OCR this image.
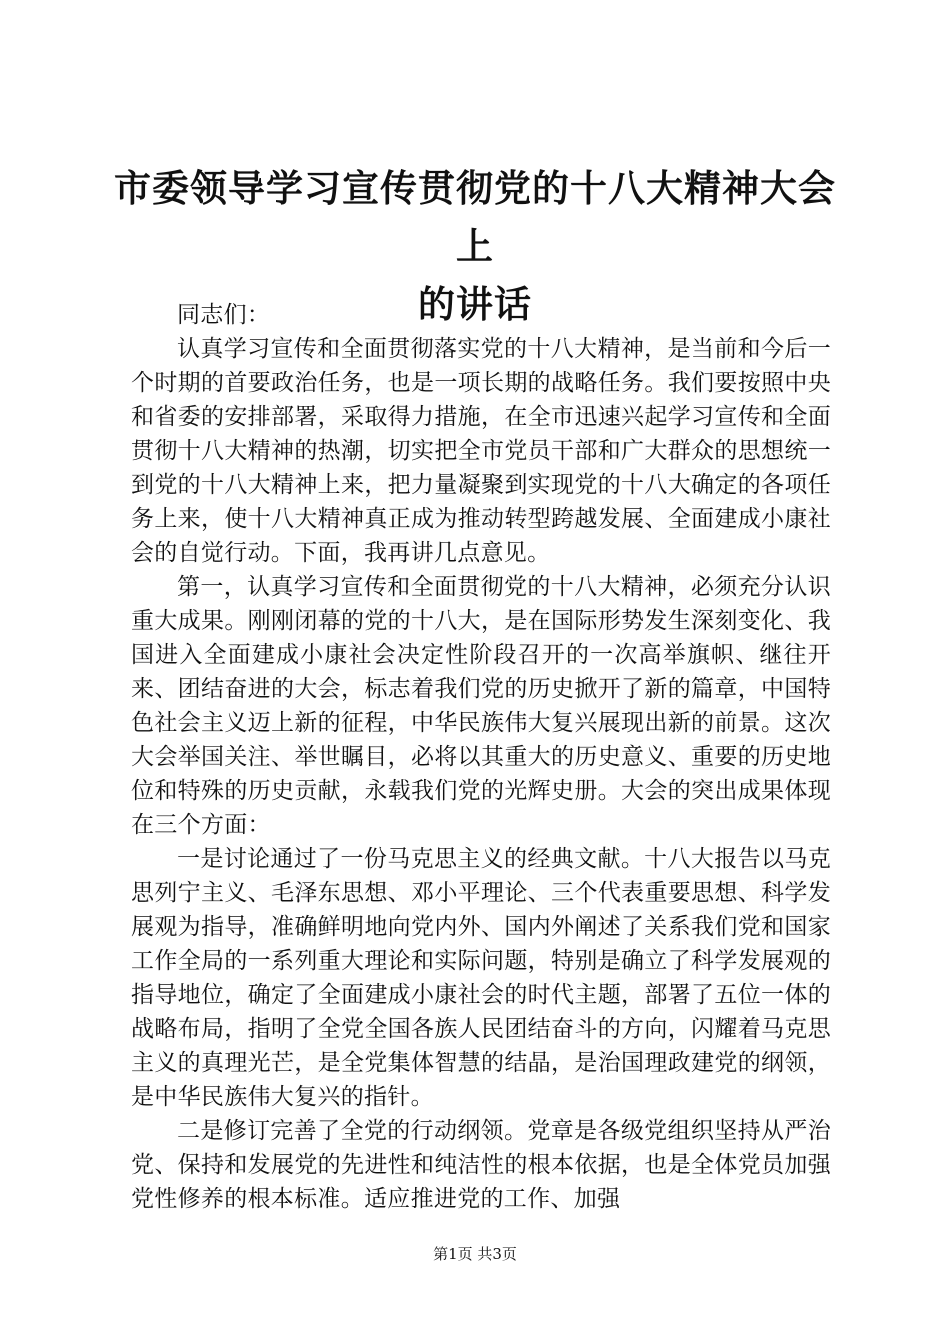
市委领导学习宣传贯彻党的十八大精神大会上
的讲话

同志们：

认真学习宣传和全面贯彻落实党的十八大精神，是当前和今后一个时期的首要政治任务，也是一项长期的战略任务。我们要按照中央和省委的安排部署，采取得力措施，在全市迅速兴起学习宣传和全面贯彻十八大精神的热潮，切实把全市党员干部和广大群众的思想统一到党的十八大精神上来，把力量凝聚到实现党的十八大确定的各项任务上来，使十八大精神真正成为推动转型跨越发展、全面建成小康社会的自觉行动。下面，我再讲几点意见。

第一，认真学习宣传和全面贯彻党的十八大精神，必须充分认识重大成果。刚刚闭幕的党的十八大，是在国际形势发生深刻变化、我国进入全面建成小康社会决定性阶段召开的一次高举旗帜、继往开来、团结奋进的大会，标志着我们党的历史掀开了新的篇章，中国特色社会主义迈上新的征程，中华民族伟大复兴展现出新的前景。这次大会举国关注、举世瞩目，必将以其重大的历史意义、重要的历史地位和特殊的历史贡献，永载我们党的光辉史册。大会的突出成果体现在三个方面：

一是讨论通过了一份马克思主义的经典文献。十八大报告以马克思列宁主义、毛泽东思想、邓小平理论、三个代表重要思想、科学发展观为指导，准确鲜明地向党内外、国内外阐述了关系我们党和国家工作全局的一系列重大理论和实际问题，特别是确立了科学发展观的指导地位，确定了全面建成小康社会的时代主题，部署了五位一体的战略布局，指明了全党全国各族人民团结奋斗的方向，闪耀着马克思主义的真理光芒，是全党集体智慧的结晶，是治国理政建党的纲领，是中华民族伟大复兴的指针。

二是修订完善了全党的行动纲领。党章是各级党组织坚持从严治党、保持和发展党的先进性和纯洁性的根本依据，也是全体党员加强党性修养的根本标准。适应推进党的工作、加强

第1页 共3页
